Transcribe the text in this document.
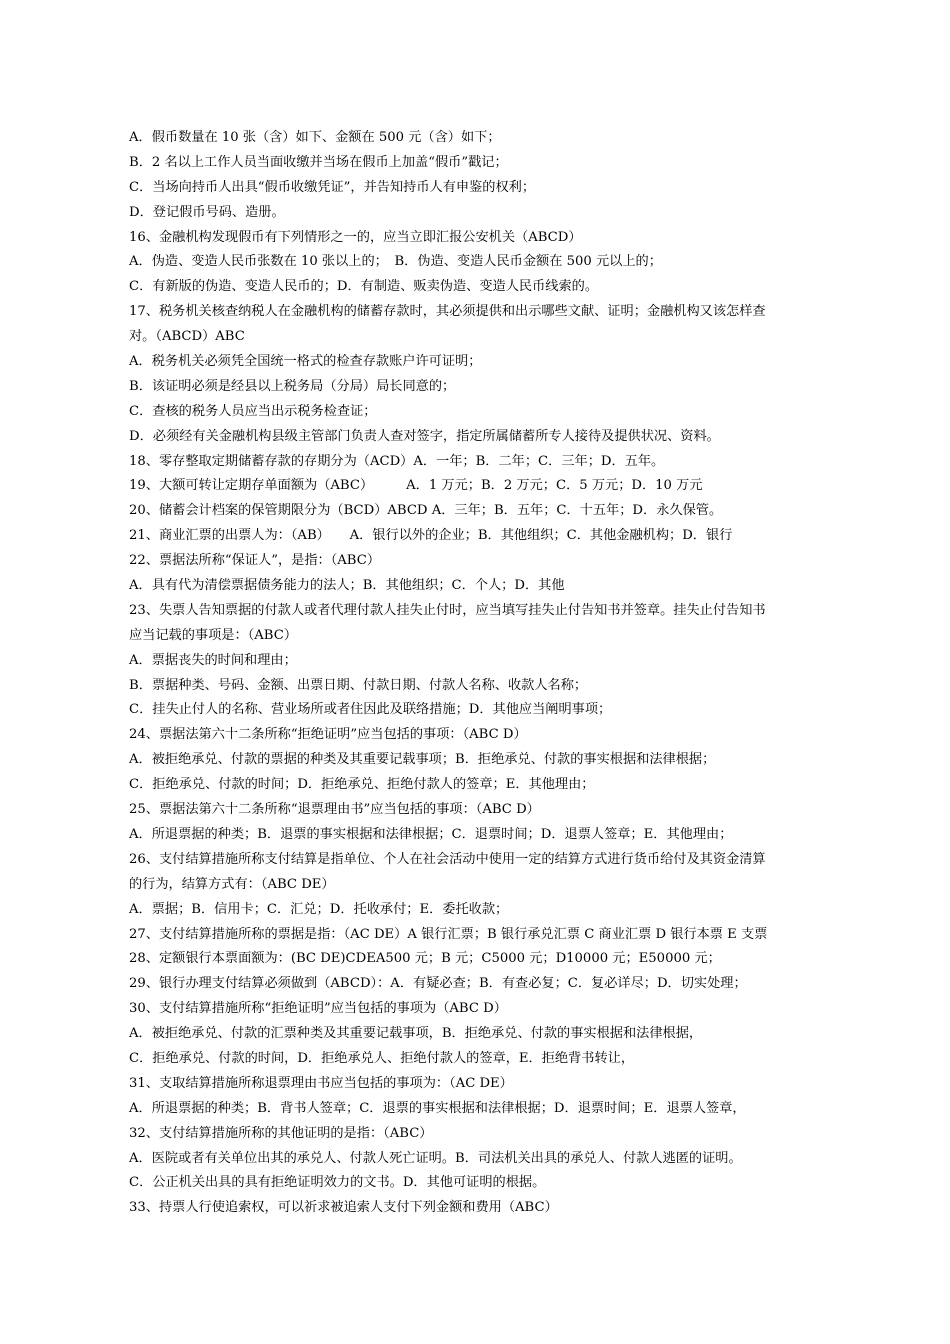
A．假币数量在 10 张（含）如下、金额在 500 元（含）如下；
B．2 名以上工作人员当面收缴并当场在假币上加盖“假币”戳记；
C．当场向持币人出具“假币收缴凭证”，并告知持币人有申鉴的权利；
D．登记假币号码、造册。
16、金融机构发现假币有下列情形之一的，应当立即汇报公安机关（ABCD）
A．伪造、变造人民币张数在 10 张以上的；　B．伪造、变造人民币金额在 500 元以上的；
C．有新版的伪造、变造人民币的；D．有制造、贩卖伪造、变造人民币线索的。
17、税务机关核查纳税人在金融机构的储蓄存款时，其必须提供和出示哪些文献、证明；金融机构又该怎样查
对。（ABCD）ABC
A．税务机关必须凭全国统一格式的检查存款账户许可证明；
B．该证明必须是经县以上税务局（分局）局长同意的；
C．查核的税务人员应当出示税务检查证；
D．必须经有关金融机构县级主管部门负责人查对签字，指定所属储蓄所专人接待及提供状况、资料。
18、零存整取定期储蓄存款的存期分为（ACD）A．一年；B．二年；C．三年；D．五年。
19、大额可转让定期存单面额为（ABC）　　　A．1 万元；B．2 万元；C．5 万元；D．10 万元
20、储蓄会计档案的保管期限分为（BCD）ABCD A．三年；B．五年；C．十五年；D．永久保管。
21、商业汇票的出票人为：（AB）　　A．银行以外的企业；B．其他组织；C．其他金融机构；D．银行
22、票据法所称“保证人”，是指：（ABC）
A．具有代为清偿票据债务能力的法人；B．其他组织；C．个人；D．其他
23、失票人告知票据的付款人或者代理付款人挂失止付时，应当填写挂失止付告知书并签章。挂失止付告知书
应当记载的事项是：（ABC）
A．票据丧失的时间和理由；
B．票据种类、号码、金额、出票日期、付款日期、付款人名称、收款人名称；
C．挂失止付人的名称、营业场所或者住因此及联络措施；D．其他应当阐明事项；
24、票据法第六十二条所称“拒绝证明”应当包括的事项：（ABC D）
A．被拒绝承兑、付款的票据的种类及其重要记载事项；B．拒绝承兑、付款的事实根据和法律根据；
C．拒绝承兑、付款的时间；D．拒绝承兑、拒绝付款人的签章；E．其他理由；
25、票据法第六十二条所称“退票理由书”应当包括的事项：（ABC D）
A．所退票据的种类；B．退票的事实根据和法律根据；C．退票时间；D．退票人签章；E．其他理由；
26、支付结算措施所称支付结算是指单位、个人在社会活动中使用一定的结算方式进行货币给付及其资金清算
的行为，结算方式有：（ABC DE）
A．票据；B．信用卡；C．汇兑；D．托收承付；E．委托收款；
27、支付结算措施所称的票据是指：（AC DE）A 银行汇票；B 银行承兑汇票 C 商业汇票 D 银行本票 E 支票
28、定额银行本票面额为：(BC DE)CDEA500 元；B 元；C5000 元；D10000 元；E50000 元；
29、银行办理支付结算必须做到（ABCD）：A．有疑必查；B．有查必复；C．复必详尽；D．切实处理；
30、支付结算措施所称“拒绝证明”应当包括的事项为（ABC D）
A．被拒绝承兑、付款的汇票种类及其重要记载事项，B．拒绝承兑、付款的事实根据和法律根据，
C．拒绝承兑、付款的时间，D．拒绝承兑人、拒绝付款人的签章，E．拒绝背书转让，
31、支取结算措施所称退票理由书应当包括的事项为：（AC DE）
A．所退票据的种类；B．背书人签章；C．退票的事实根据和法律根据；D．退票时间；E．退票人签章，
32、支付结算措施所称的其他证明的是指：（ABC）
A．医院或者有关单位出其的承兑人、付款人死亡证明。B．司法机关出具的承兑人、付款人逃匿的证明。
C．公正机关出具的具有拒绝证明效力的文书。D．其他可证明的根据。
33、持票人行使追索权，可以祈求被追索人支付下列金额和费用（ABC）
